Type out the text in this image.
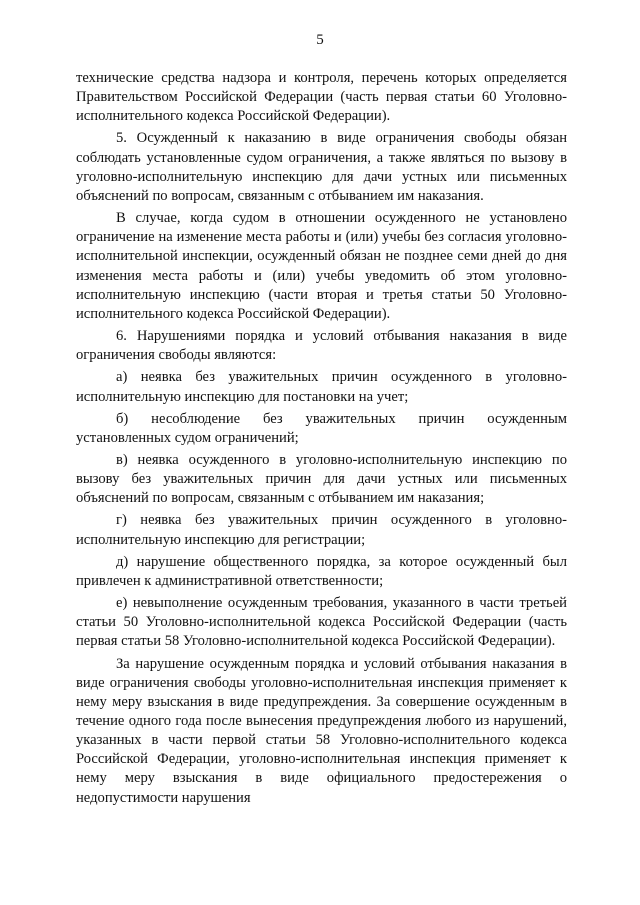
5

технические средства надзора и контроля, перечень которых определяется Правительством Российской Федерации (часть первая статьи 60 Уголовно-исполнительного кодекса Российской Федерации).

5. Осужденный к наказанию в виде ограничения свободы обязан соблюдать установленные судом ограничения, а также являться по вызову в уголовно-исполнительную инспекцию для дачи устных или письменных объяснений по вопросам, связанным с отбыванием им наказания.

В случае, когда судом в отношении осужденного не установлено ограничение на изменение места работы и (или) учебы без согласия уголовно-исполнительной инспекции, осужденный обязан не позднее семи дней до дня изменения места работы и (или) учебы уведомить об этом уголовно-исполнительную инспекцию (части вторая и третья статьи 50 Уголовно-исполнительного кодекса Российской Федерации).

6. Нарушениями порядка и условий отбывания наказания в виде ограничения свободы являются:

а) неявка без уважительных причин осужденного в уголовно-исполнительную инспекцию для постановки на учет;

б) несоблюдение без уважительных причин осужденным установленных судом ограничений;

в) неявка осужденного в уголовно-исполнительную инспекцию по вызову без уважительных причин для дачи устных или письменных объяснений по вопросам, связанным с отбыванием им наказания;

г) неявка без уважительных причин осужденного в уголовно-исполнительную инспекцию для регистрации;

д) нарушение общественного порядка, за которое осужденный был привлечен к административной ответственности;

е) невыполнение осужденным требования, указанного в части третьей статьи 50 Уголовно-исполнительной кодекса Российской Федерации (часть первая статьи 58 Уголовно-исполнительной кодекса Российской Федерации).

За нарушение осужденным порядка и условий отбывания наказания в виде ограничения свободы уголовно-исполнительная инспекция применяет к нему меру взыскания в виде предупреждения. За совершение осужденным в течение одного года после вынесения предупреждения любого из нарушений, указанных в части первой статьи 58 Уголовно-исполнительного кодекса Российской Федерации, уголовно-исполнительная инспекция применяет к нему меру взыскания в виде официального предостережения о недопустимости нарушения
